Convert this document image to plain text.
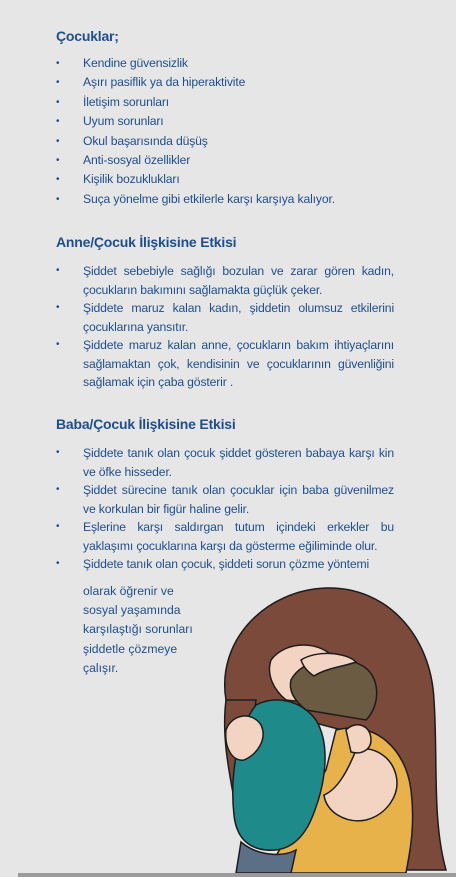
Çocuklar;
• Kendine güvensizlik
• Aşırı pasiflik ya da hiperaktivite
• İletişim sorunları
• Uyum sorunları
• Okul başarısında düşüş
• Anti-sosyal özellikler
• Kişilik bozuklukları
• Suça yönelme gibi etkilerle karşı karşıya kalıyor.
Anne/Çocuk İlişkisine Etkisi
• Şiddet sebebiyle sağlığı bozulan ve zarar gören kadın, çocukların bakımını sağlamakta güçlük çeker.
• Şiddete maruz kalan kadın, şiddetin olumsuz etkilerini çocuklarına yansıtır.
• Şiddete maruz kalan anne, çocukların bakım ihtiyaçlarını sağlamaktan çok, kendisinin ve çocuklarının güvenliğini sağlamak için çaba gösterir .
Baba/Çocuk İlişkisine Etkisi
• Şiddete tanık olan çocuk şiddet gösteren babaya karşı kin ve öfke hisseder.
• Şiddet sürecine tanık olan çocuklar için baba güvenilmez ve korkulan bir figür haline gelir.
• Eşlerine karşı saldırgan tutum içindeki erkekler bu yaklaşımı çocuklarına karşı da gösterme eğiliminde olur.
• Şiddete tanık olan çocuk, şiddeti sorun çözme yöntemi
olarak öğrenir ve sosyal yaşamında karşılaştığı sorunları şiddetle çözmeye çalışır.
